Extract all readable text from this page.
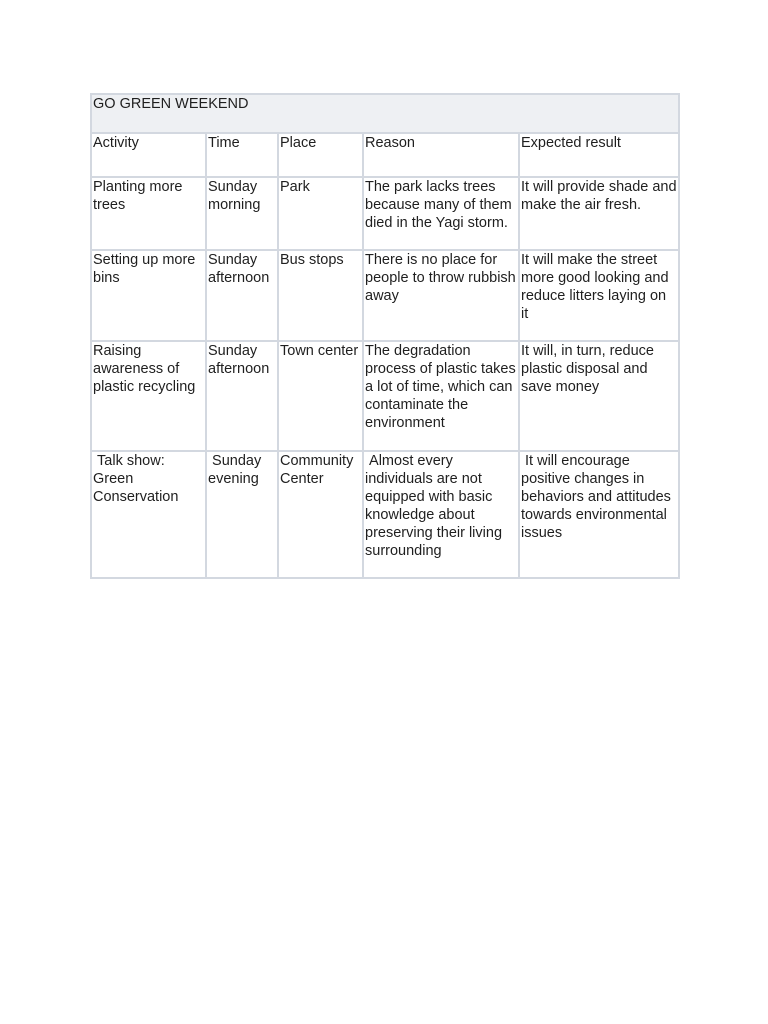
GO GREEN WEEKEND				
Activity	Time	Place	Reason	Expected result
Planting more trees	Sunday morning	Park	The park lacks trees because many of them died in the Yagi storm.	It will provide shade and make the air fresh.
Setting up more bins	Sunday afternoon	Bus stops	There is no place for people to throw rubbish away	It will make the street more good looking and reduce litters laying on it
Raising awareness of plastic recycling	Sunday afternoon	Town center	The degradation process of plastic takes a lot of time, which can contaminate the environment	It will, in turn, reduce plastic disposal and save money
Talk show: Green Conservation	Sunday evening	Community Center	Almost every individuals are not equipped with basic knowledge about preserving their living surrounding	It will encourage positive changes in behaviors and attitudes towards environmental issues
